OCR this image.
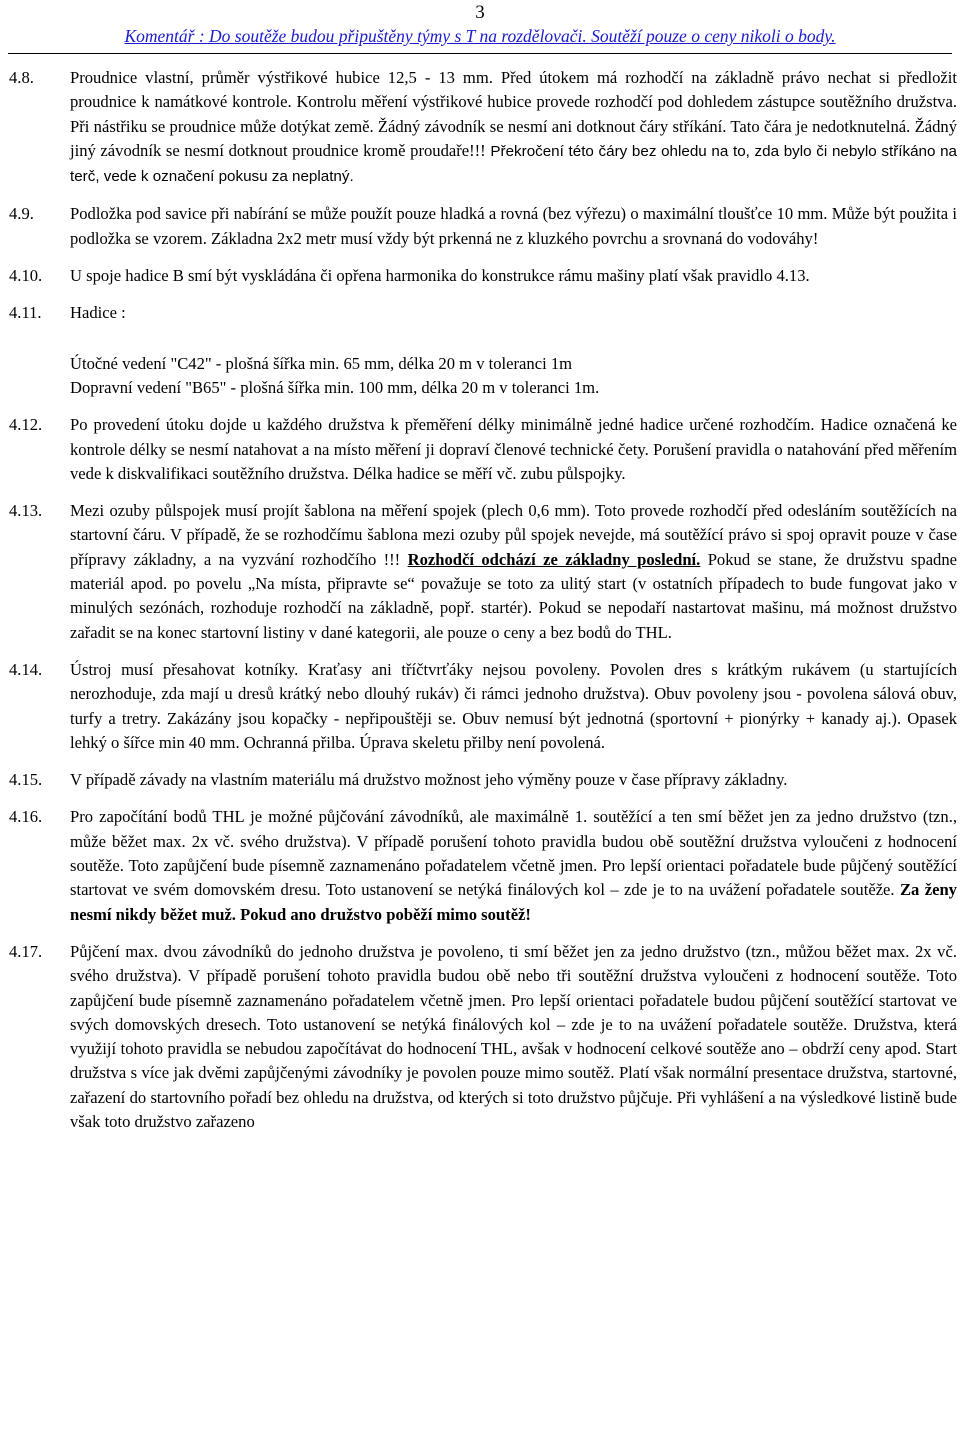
3
Komentář : Do soutěže budou připuštěny týmy s T na rozdělovači. Soutěží pouze o ceny nikoli o body.
4.8.	Proudnice vlastní, průměr výstřikové hubice 12,5 - 13 mm. Před útokem má rozhodčí na základně právo nechat si předložit proudnice k namátkové kontrole. Kontrolu měření výstřikové hubice provede rozhodčí pod dohledem zástupce soutěžního družstva. Při nástřiku se proudnice může dotýkat země. Žádný závodník se nesmí ani dotknout čáry stříkání. Tato čára je nedotknutelná. Žádný jiný závodník se nesmí dotknout proudnice kromě proudaře!!! Překročení této čáry bez ohledu na to, zda bylo či nebylo stříkáno na terč, vede k označení pokusu za neplatný.
4.9.	Podložka pod savice při nabírání se může použít pouze hladká a rovná (bez výřezu) o maximální tloušťce 10 mm. Může být použita i podložka se vzorem. Základna 2x2 metr musí vždy být prkenná ne z kluzkého povrchu a srovnaná do vodováhy!
4.10.	U spoje hadice B smí být vyskládána či opřena harmonika do konstrukce rámu mašiny platí však pravidlo 4.13.
4.11.	Hadice :
Útočné vedení "C42" - plošná šířka min. 65 mm, délka 20 m v toleranci 1m
Dopravní vedení "B65" - plošná šířka min. 100 mm, délka 20 m v toleranci 1m.
4.12.	Po provedení útoku dojde u každého družstva k přeměření délky minimálně jedné hadice určené rozhodčím. Hadice označená ke kontrole délky se nesmí natahovat a na místo měření ji dopraví členové technické čety. Porušení pravidla o natahování před měřením vede k diskvalifikaci soutěžního družstva. Délka hadice se měří vč. zubu půlspojky.
4.13.	Mezi ozuby půlspojek musí projít šablona na měření spojek (plech 0,6 mm). Toto provede rozhodčí před odesláním soutěžících na startovní čáru. V případě, že se rozhodčímu šablona mezi ozuby půl spojek nevejde, má soutěžící právo si spoj opravit pouze v čase přípravy základny, a na vyzvání rozhodčího !!! Rozhodčí odchází ze základny poslední. Pokud se stane, že družstvu spadne materiál apod. po povelu „Na místa, připravte se“ považuje se toto za ulitý start (v ostatních případech to bude fungovat jako v minulých sezónách, rozhoduje rozhodčí na základně, popř. startér). Pokud se nepodaří nastartovat mašinu, má možnost družstvo zařadit se na konec startovní listiny v dané kategorii, ale pouze o ceny a bez bodů do THL.
4.14.	Ústroj musí přesahovat kotníky. Kraťasy ani tříčtvrťáky nejsou povoleny. Povolen dres s krátkým rukávem (u startujících nerozhoduje, zda mají u dresů krátký nebo dlouhý rukáv) či rámci jednoho družstva). Obuv povoleny jsou - povolena sálová obuv, turfy a tretry. Zakázány jsou kopačky - nepřipouštěji se. Obuv nemusí být jednotná (sportovní + pionýrky + kanady aj.). Opasek lehký o šířce min 40 mm. Ochranná přilba. Úprava skeletu přilby není povolená.
4.15.	V případě závady na vlastním materiálu má družstvo možnost jeho výměny pouze v čase přípravy základny.
4.16.	Pro započítání bodů THL je možné půjčování závodníků, ale maximálně 1. soutěžící a ten smí běžet jen za jedno družstvo (tzn., může běžet max. 2x vč. svého družstva). V případě porušení tohoto pravidla budou obě soutěžní družstva vyloučeni z hodnocení soutěže. Toto zapůjčení bude písemně zaznamenáno pořadatelem včetně jmen. Pro lepší orientaci pořadatele bude půjčený soutěžící startovat ve svém domovském dresu. Toto ustanovení se netýká finálových kol – zde je to na uvážení pořadatele soutěže. Za ženy nesmí nikdy běžet muž. Pokud ano družstvo poběží mimo soutěž!
4.17.	Půjčení max. dvou závodníků do jednoho družstva je povoleno, ti smí běžet jen za jedno družstvo (tzn., můžou běžet max. 2x vč. svého družstva). V případě porušení tohoto pravidla budou obě nebo tři soutěžní družstva vyloučeni z hodnocení soutěže. Toto zapůjčení bude písemně zaznamenáno pořadatelem včetně jmen. Pro lepší orientaci pořadatele budou půjčení soutěžící startovat ve svých domovských dresech. Toto ustanovení se netýká finálových kol – zde je to na uvážení pořadatele soutěže. Družstva, která využijí tohoto pravidla se nebudou započítávat do hodnocení THL, avšak v hodnocení celkové soutěže ano – obdrží ceny apod. Start družstva s více jak dvěmi zapůjčenými závodníky je povolen pouze mimo soutěž. Platí však normální presentace družstva, startovné, zařazení do startovního pořadí bez ohledu na družstva, od kterých si toto družstvo půjčuje. Při vyhlášení a na výsledkové listině bude však toto družstvo zařazeno
